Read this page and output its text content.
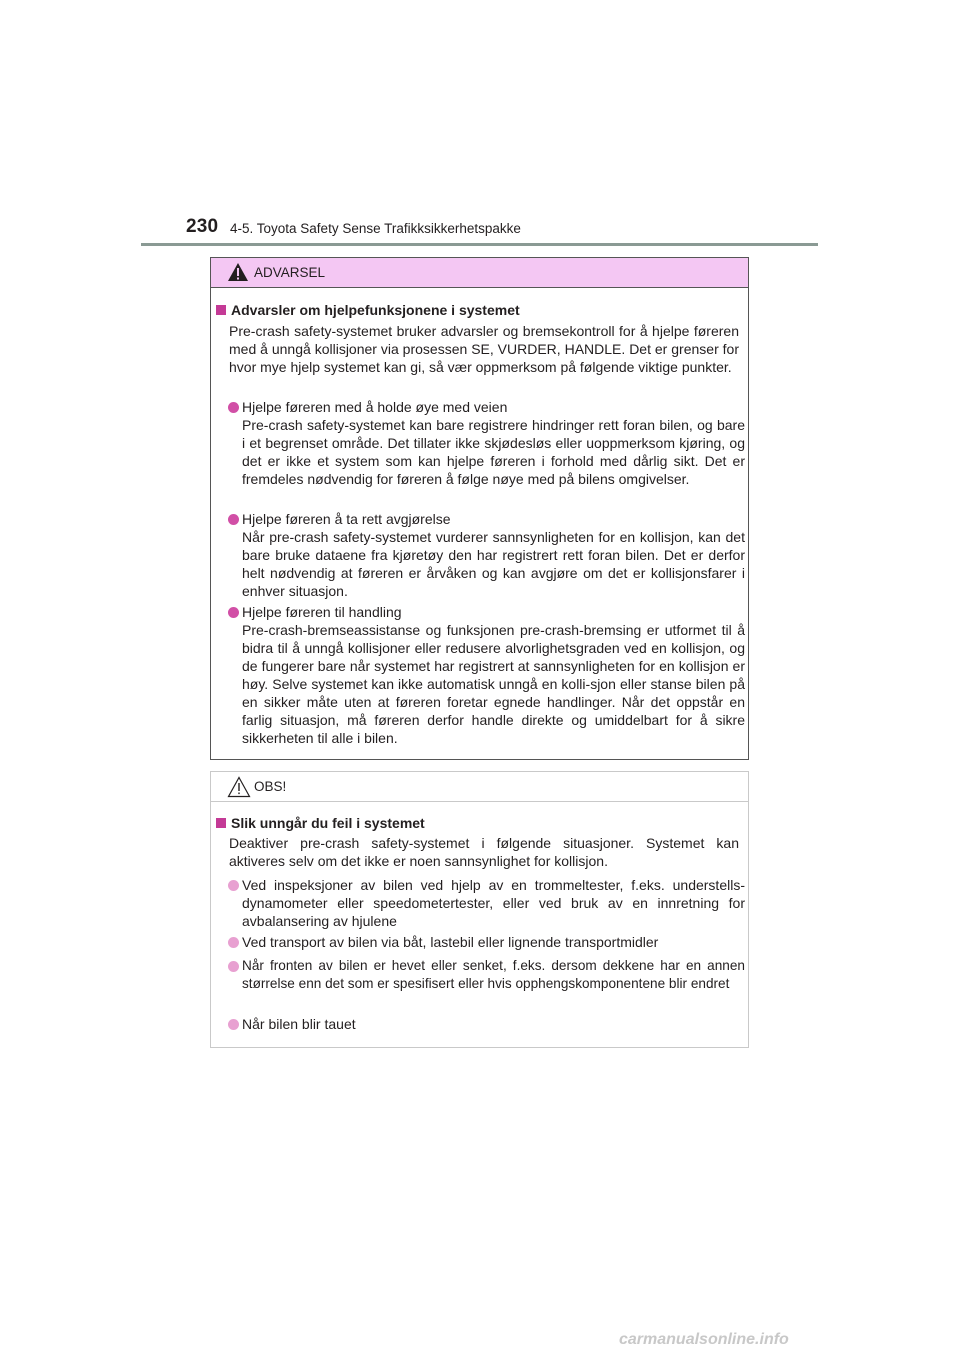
230 4-5. Toyota Safety Sense Trafikksikkerhetspakke
ADVARSEL
Advarsler om hjelpefunksjonene i systemet
Pre-crash safety-systemet bruker advarsler og bremsekontroll for å hjelpe føreren med å unngå kollisjoner via prosessen SE, VURDER, HANDLE. Det er grenser for hvor mye hjelp systemet kan gi, så vær oppmerksom på følgende viktige punkter.
Hjelpe føreren med å holde øye med veien
Pre-crash safety-systemet kan bare registrere hindringer rett foran bilen, og bare i et begrenset område. Det tillater ikke skjødesløs eller uoppmerksom kjøring, og det er ikke et system som kan hjelpe føreren i forhold med dårlig sikt. Det er fremdeles nødvendig for føreren å følge nøye med på bilens omgivelser.
Hjelpe føreren å ta rett avgjørelse
Når pre-crash safety-systemet vurderer sannsynligheten for en kollisjon, kan det bare bruke dataene fra kjøretøy den har registrert rett foran bilen. Det er derfor helt nødvendig at føreren er årvåken og kan avgjøre om det er kollisjonsfarer i enhver situasjon.
Hjelpe føreren til handling
Pre-crash-bremseassistanse og funksjonen pre-crash-bremsing er utformet til å bidra til å unngå kollisjoner eller redusere alvorlighetsgraden ved en kollisjon, og de fungerer bare når systemet har registrert at sannsynligheten for en kollisjon er høy. Selve systemet kan ikke automatisk unngå en kolli-sjon eller stanse bilen på en sikker måte uten at føreren foretar egnede handlinger. Når det oppstår en farlig situasjon, må føreren derfor handle direkte og umiddelbart for å sikre sikkerheten til alle i bilen.
OBS!
Slik unngår du feil i systemet
Deaktiver pre-crash safety-systemet i følgende situasjoner. Systemet kan aktiveres selv om det ikke er noen sannsynlighet for kollisjon.
Ved inspeksjoner av bilen ved hjelp av en trommeltester, f.eks. understells-dynamometer eller speedometertester, eller ved bruk av en innretning for avbalansering av hjulene
Ved transport av bilen via båt, lastebil eller lignende transportmidler
Når fronten av bilen er hevet eller senket, f.eks. dersom dekkene har en annen størrelse enn det som er spesifisert eller hvis opphengskomponentene blir endret
Når bilen blir tauet
carmanualsonline.info
